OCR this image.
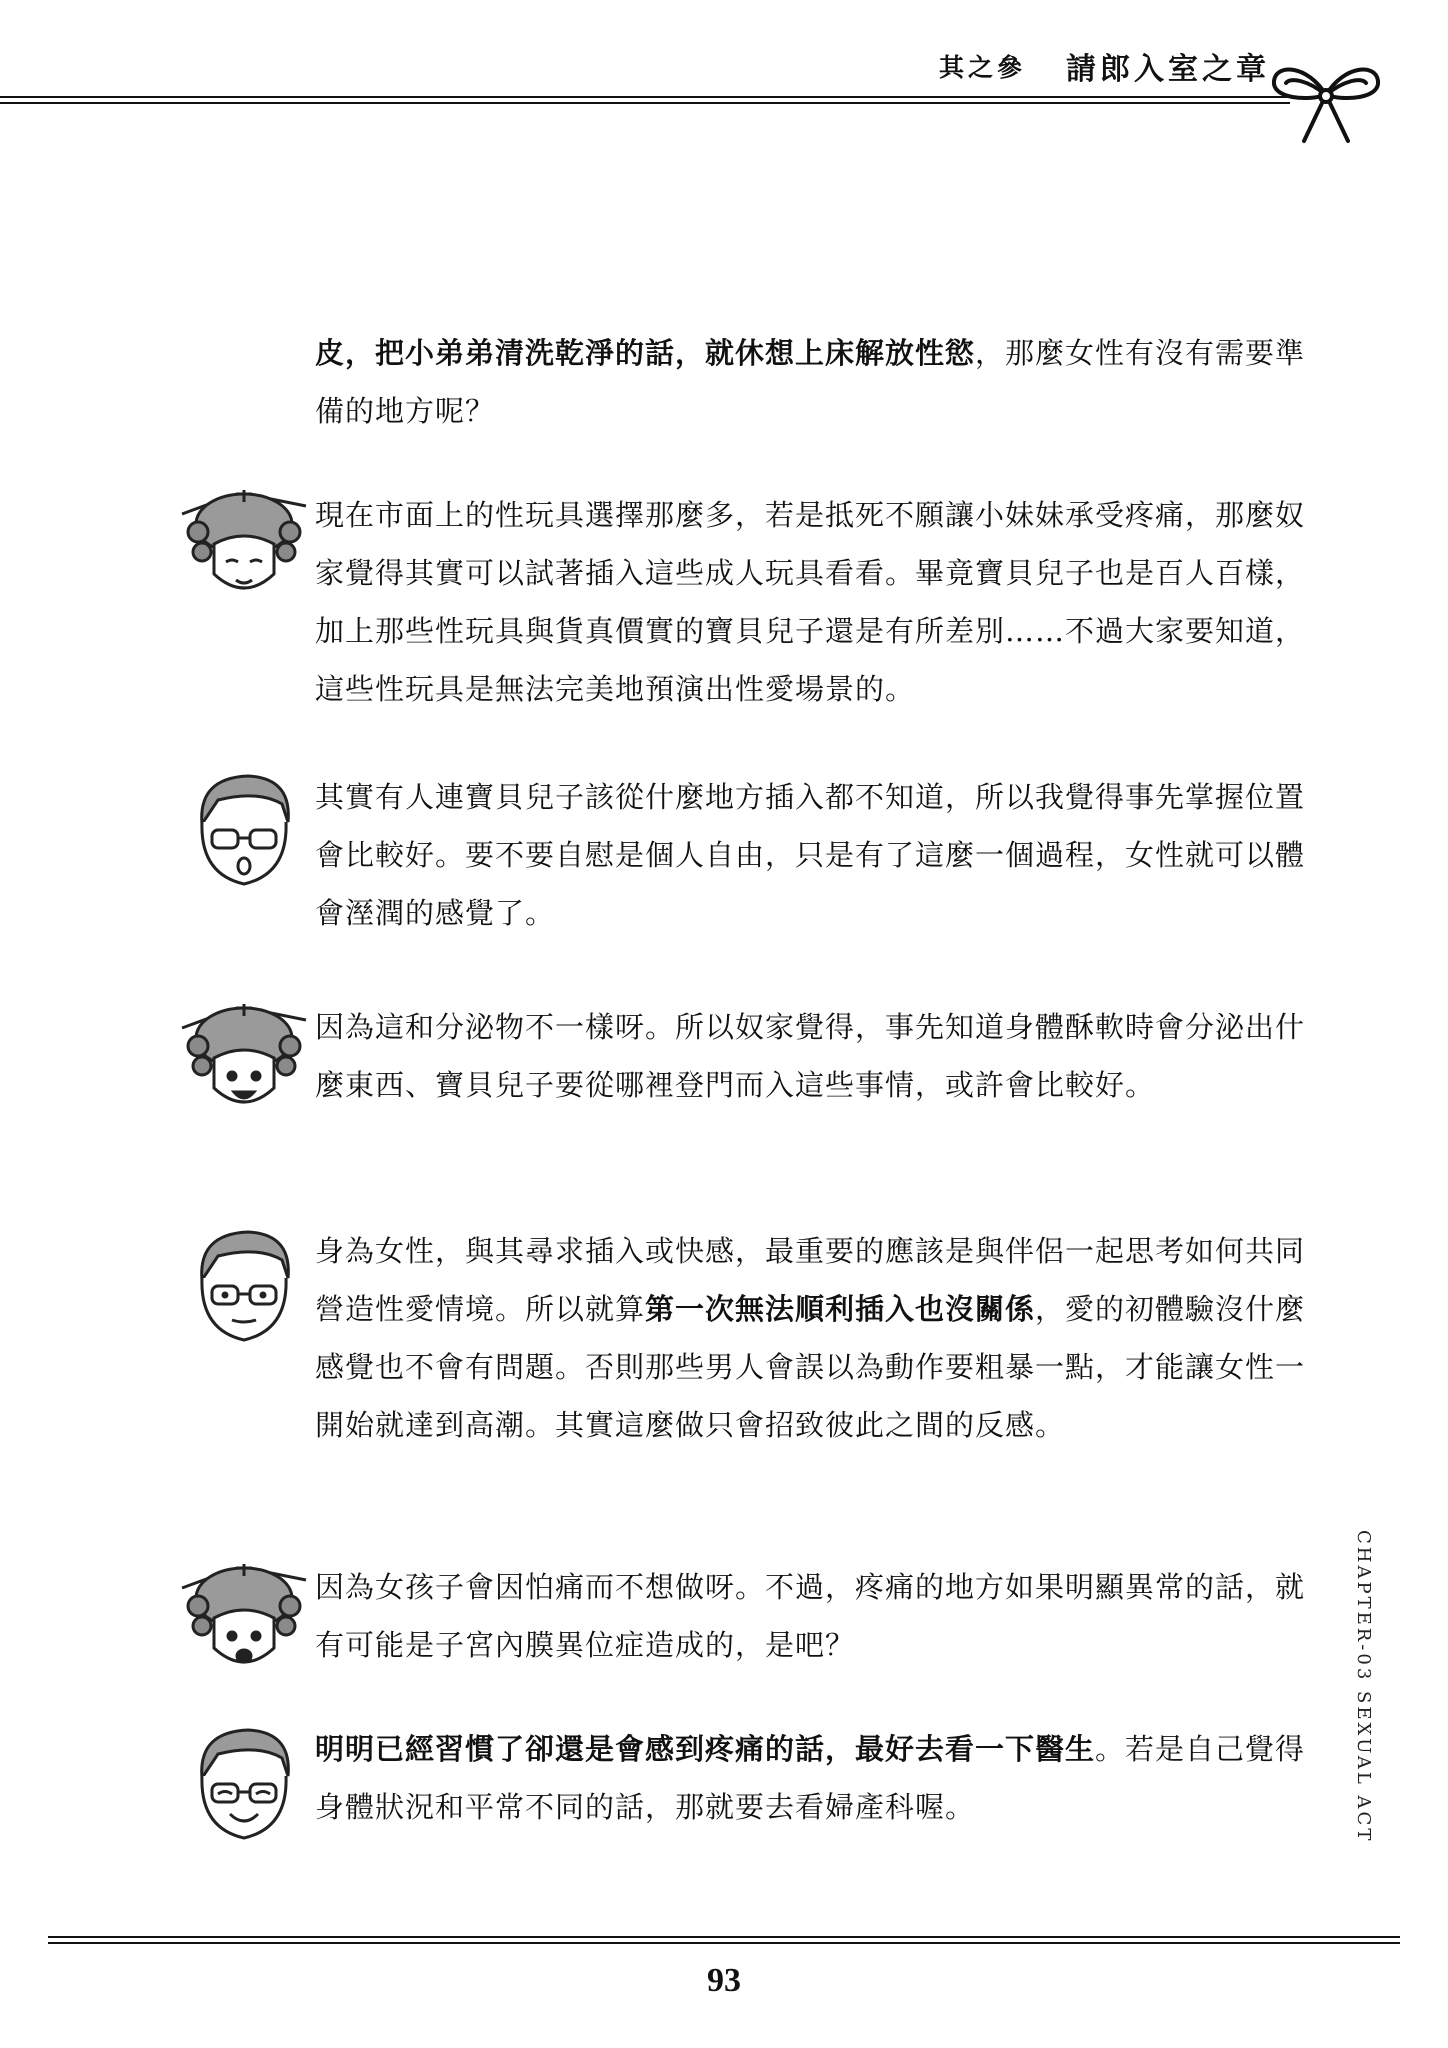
其之參 請郎入室之章

皮，把小弟弟清洗乾淨的話，就休想上床解放性慾，那麼女性有沒有需要準備的地方呢？

現在市面上的性玩具選擇那麼多，若是抵死不願讓小妹妹承受疼痛，那麼奴家覺得其實可以試著插入這些成人玩具看看。畢竟寶貝兒子也是百人百樣，加上那些性玩具與貨真價實的寶貝兒子還是有所差別……不過大家要知道，這些性玩具是無法完美地預演出性愛場景的。

其實有人連寶貝兒子該從什麼地方插入都不知道，所以我覺得事先掌握位置會比較好。要不要自慰是個人自由，只是有了這麼一個過程，女性就可以體會溼潤的感覺了。

因為這和分泌物不一樣呀。所以奴家覺得，事先知道身體酥軟時會分泌出什麼東西、寶貝兒子要從哪裡登門而入這些事情，或許會比較好。

身為女性，與其尋求插入或快感，最重要的應該是與伴侶一起思考如何共同營造性愛情境。所以就算第一次無法順利插入也沒關係，愛的初體驗沒什麼感覺也不會有問題。否則那些男人會誤以為動作要粗暴一點，才能讓女性一開始就達到高潮。其實這麼做只會招致彼此之間的反感。

因為女孩子會因怕痛而不想做呀。不過，疼痛的地方如果明顯異常的話，就有可能是子宮內膜異位症造成的，是吧？

明明已經習慣了卻還是會感到疼痛的話，最好去看一下醫生。若是自己覺得身體狀況和平常不同的話，那就要去看婦產科喔。	CHAPTER-03 SEXUAL ACT
93
